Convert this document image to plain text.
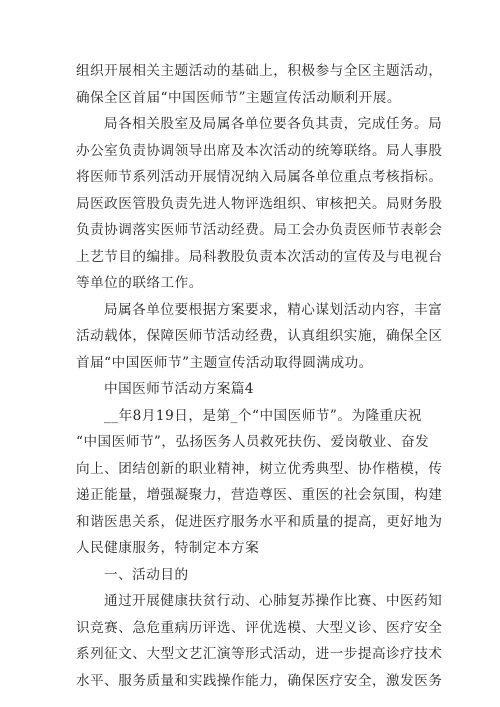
组织开展相关主题活动的基础上，积极参与全区主题活动，
确保全区首届“中国医师节”主题宣传活动顺利开展。
局各相关股室及局属各单位要各负其责，完成任务。局
办公室负责协调领导出席及本次活动的统筹联络。局人事股
将医师节系列活动开展情况纳入局属各单位重点考核指标。
局医政医管股负责先进人物评选组织、审核把关。局财务股
负责协调落实医师节活动经费。局工会办负责医师节表彰会
上艺节目的编排。局科教股负责本次活动的宣传及与电视台
等单位的联络工作。
局属各单位要根据方案要求，精心谋划活动内容，丰富
活动载体，保障医师节活动经费，认真组织实施，确保全区
首届“中国医师节”主题宣传活动取得圆满成功。
中国医师节活动方案篇4
__年8月19日，是第_个“中国医师节”。为隆重庆祝
“中国医师节”，弘扬医务人员救死扶伤、爱岗敬业、奋发
向上、团结创新的职业精神，树立优秀典型、协作楷模，传
递正能量，增强凝聚力，营造尊医、重医的社会氛围，构建
和谐医患关系，促进医疗服务水平和质量的提高，更好地为
人民健康服务，特制定本方案
一、活动目的
通过开展健康扶贫行动、心肺复苏操作比赛、中医药知
识竞赛、急危重病历评选、评优选模、大型义诊、医疗安全
系列征文、大型文艺汇演等形式活动，进一步提高诊疗技术
水平、服务质量和实践操作能力，确保医疗安全，激发医务
